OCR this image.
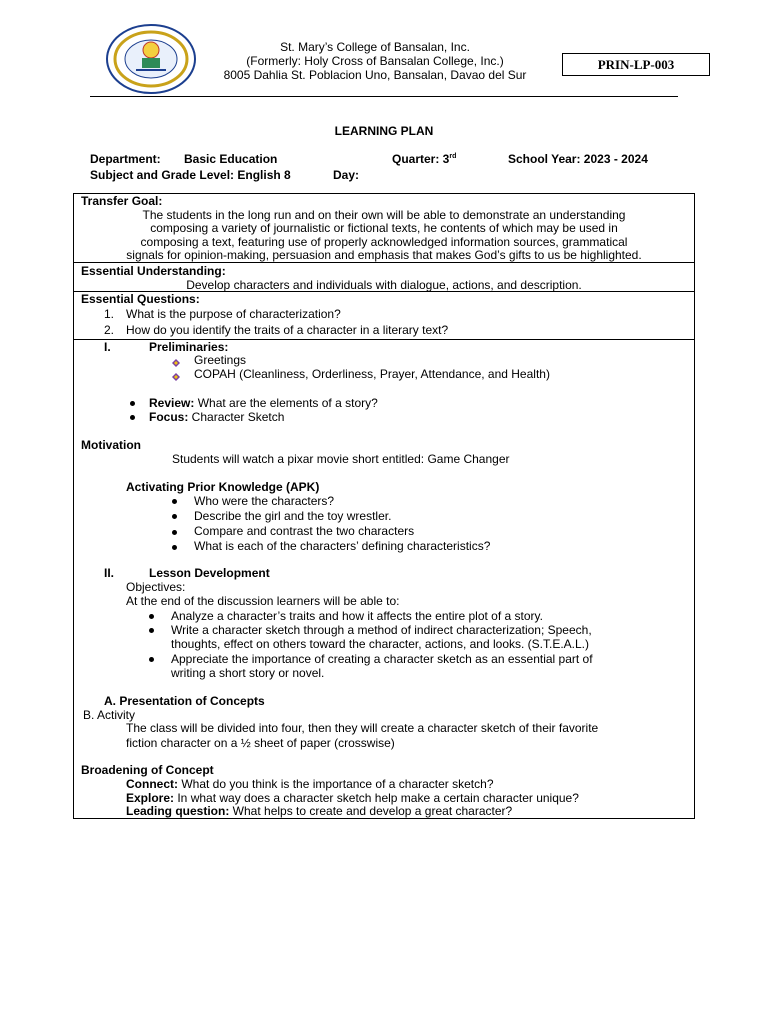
St. Mary’s College of Bansalan, Inc.
(Formerly: Holy Cross of Bansalan College, Inc.)
8005 Dahlia St. Poblacion Uno, Bansalan, Davao del Sur
PRIN-LP-003
LEARNING PLAN
Department: Basic Education	Quarter: 3rd	School Year: 2023 - 2024
Subject and Grade Level: English 8	Day:
Transfer Goal:
The students in the long run and on their own will be able to demonstrate an understanding
composing a variety of journalistic or fictional texts, he contents of which may be used in
composing a text, featuring use of properly acknowledged information sources, grammatical
signals for opinion-making, persuasion and emphasis that makes God’s gifts to us be highlighted.
Essential Understanding:
Develop characters and individuals with dialogue, actions, and description.
Essential Questions:
1. What is the purpose of characterization?
2. How do you identify the traits of a character in a literary text?
I.	Preliminaries:
Greetings
COPAH (Cleanliness, Orderliness, Prayer, Attendance, and Health)
Review: What are the elements of a story?
Focus: Character Sketch
Motivation
Students will watch a pixar movie short entitled: Game Changer
Activating Prior Knowledge (APK)
Who were the characters?
Describe the girl and the toy wrestler.
Compare and contrast the two characters
What is each of the characters’ defining characteristics?
II.	Lesson Development
Objectives:
At the end of the discussion learners will be able to:
Analyze a character’s traits and how it affects the entire plot of a story.
Write a character sketch through a method of indirect characterization; Speech,
thoughts, effect on others toward the character, actions, and looks. (S.T.E.A.L.)
Appreciate the importance of creating a character sketch as an essential part of
writing a short story or novel.
A. Presentation of Concepts
B. Activity
The class will be divided into four, then they will create a character sketch of their favorite
fiction character on a ½ sheet of paper (crosswise)
Broadening of Concept
Connect: What do you think is the importance of a character sketch?
Explore: In what way does a character sketch help make a certain character unique?
Leading question: What helps to create and develop a great character?
